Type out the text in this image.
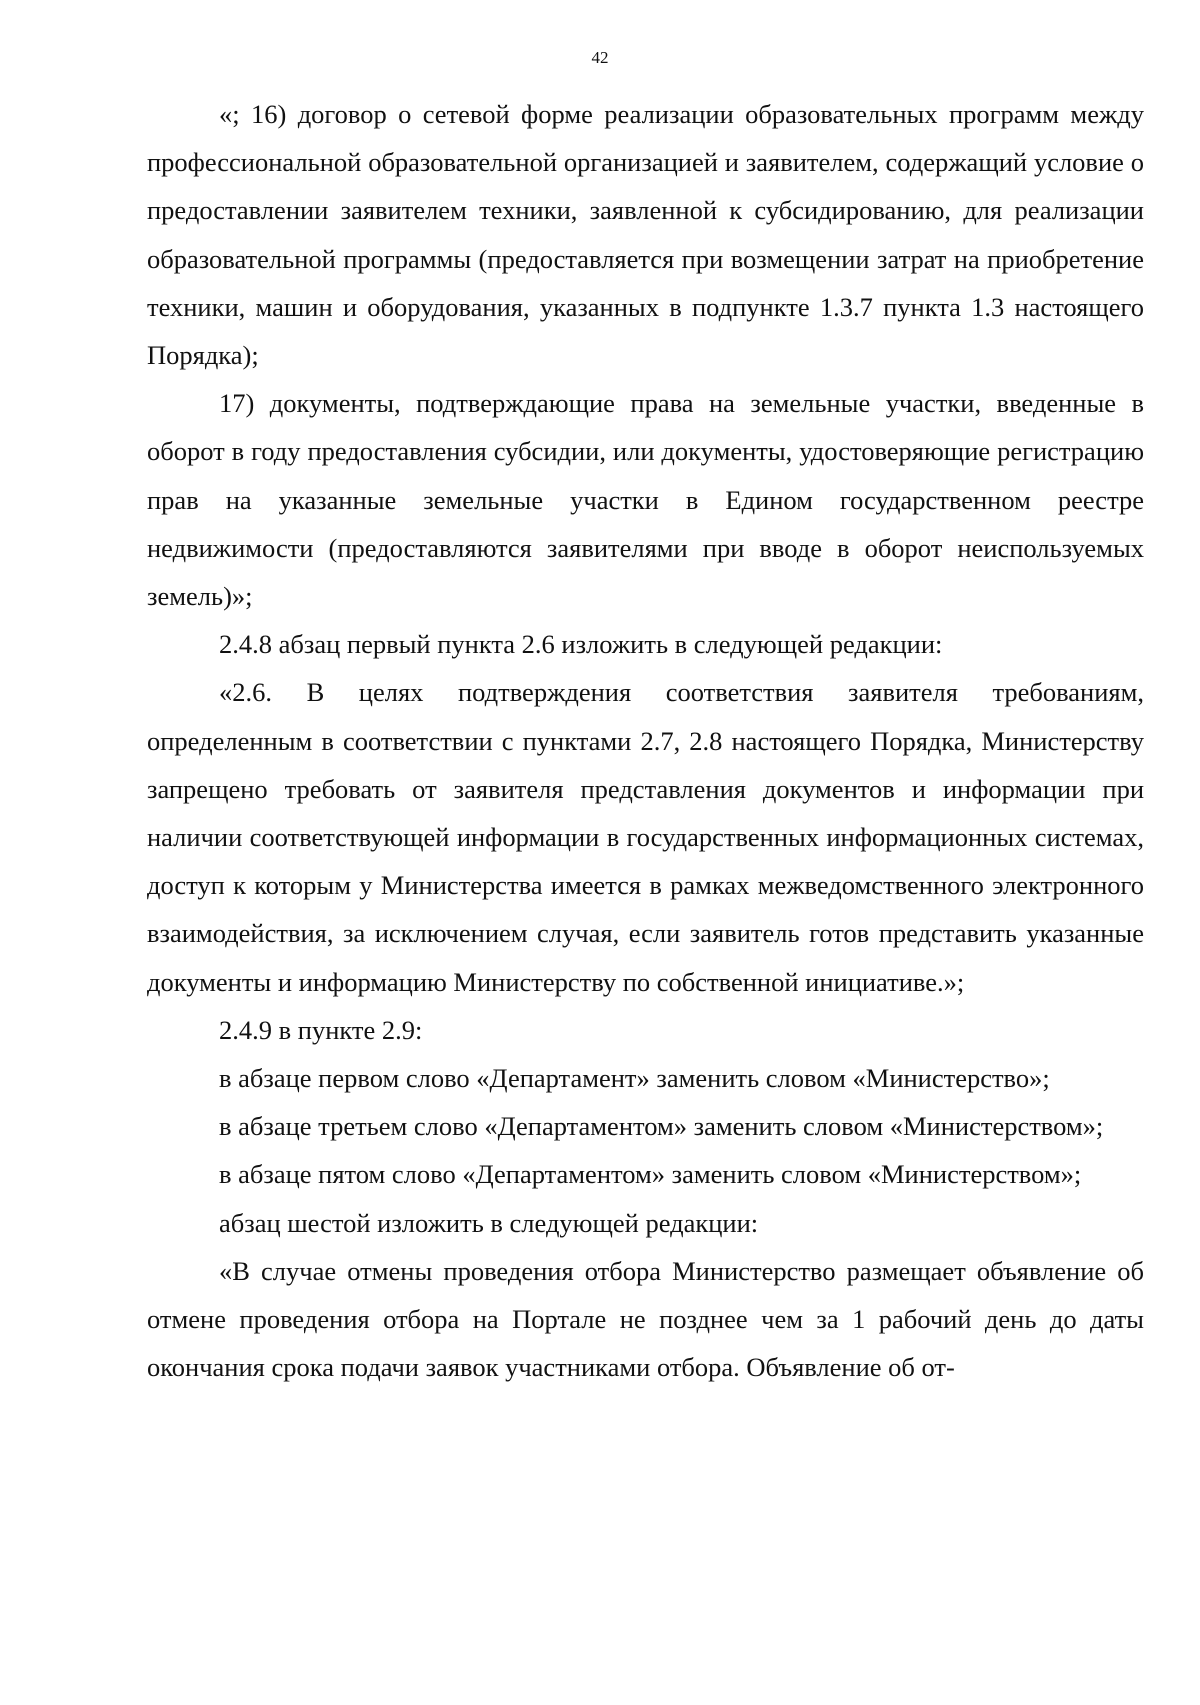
42

«; 16) договор о сетевой форме реализации образовательных программ между профессиональной образовательной организацией и заявителем, содержащий условие о предоставлении заявителем техники, заявленной к субсидированию, для реализации образовательной программы (предоставляется при возмещении затрат на приобретение техники, машин и оборудования, указанных в подпункте 1.3.7 пункта 1.3 настоящего Порядка);

17) документы, подтверждающие права на земельные участки, введенные в оборот в году предоставления субсидии, или документы, удостоверяющие регистрацию прав на указанные земельные участки в Едином государственном реестре недвижимости (предоставляются заявителями при вводе в оборот неиспользуемых земель)»;

2.4.8 абзац первый пункта 2.6 изложить в следующей редакции:

«2.6. В целях подтверждения соответствия заявителя требованиям, определенным в соответствии с пунктами 2.7, 2.8 настоящего Порядка, Министерству запрещено требовать от заявителя представления документов и информации при наличии соответствующей информации в государственных информационных системах, доступ к которым у Министерства имеется в рамках межведомственного электронного взаимодействия, за исключением случая, если заявитель готов представить указанные документы и информацию Министерству по собственной инициативе.»;

2.4.9 в пункте 2.9:

в абзаце первом слово «Департамент» заменить словом «Министерство»;

в абзаце третьем слово «Департаментом» заменить словом «Министерством»;

в абзаце пятом слово «Департаментом» заменить словом «Министерством»;

абзац шестой изложить в следующей редакции:

«В случае отмены проведения отбора Министерство размещает объявление об отмене проведения отбора на Портале не позднее чем за 1 рабочий день до даты окончания срока подачи заявок участниками отбора. Объявление об от-
